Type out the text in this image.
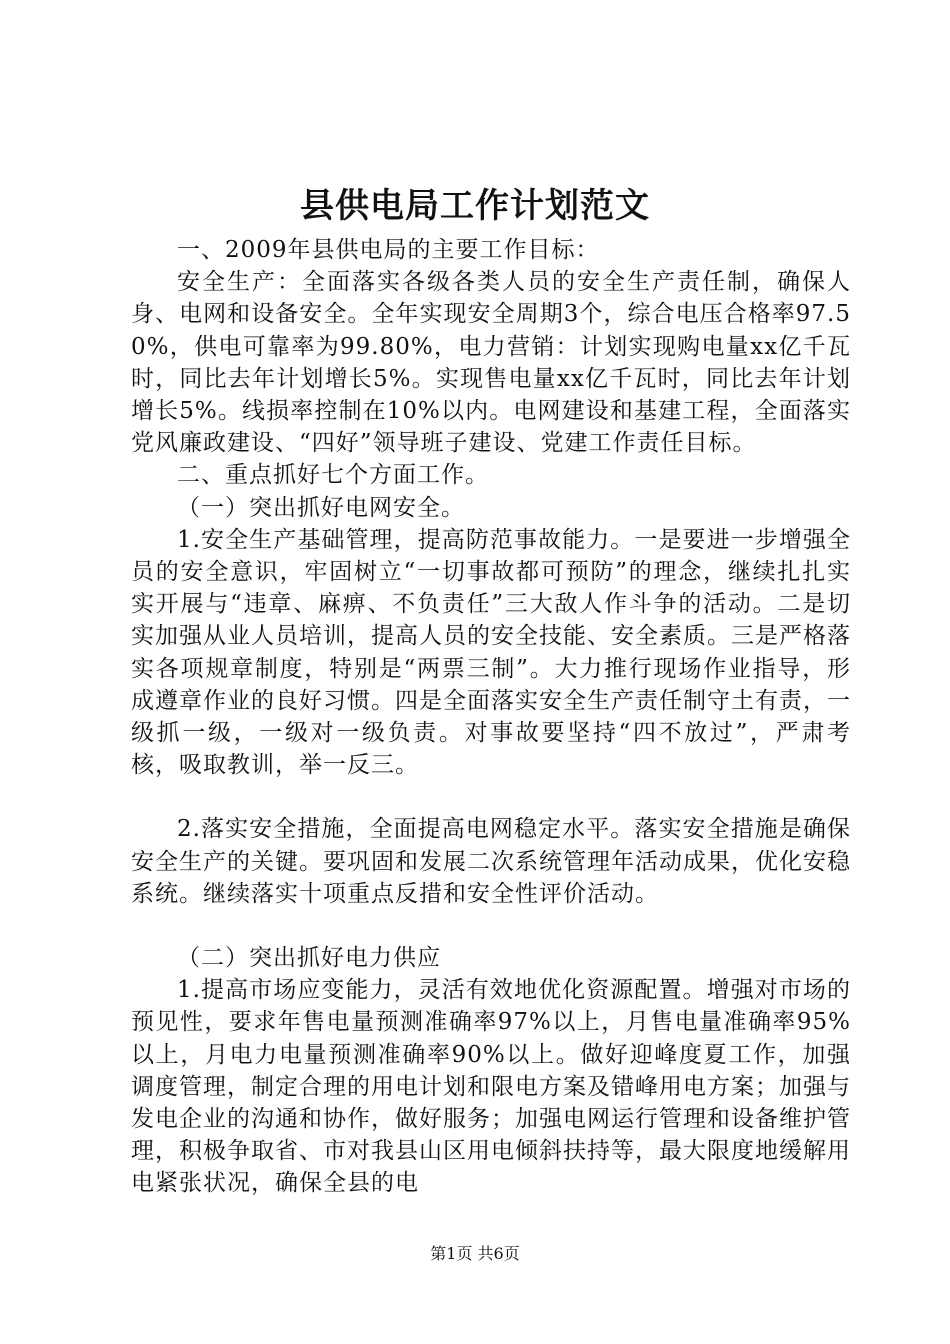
县供电局工作计划范文

一、2009年县供电局的主要工作目标：

安全生产：全面落实各级各类人员的安全生产责任制，确保人身、电网和设备安全。全年实现安全周期3个，综合电压合格率97.50%，供电可靠率为99.80%，电力营销：计划实现购电量xx亿千瓦时，同比去年计划增长5%。实现售电量xx亿千瓦时，同比去年计划增长5%。线损率控制在10%以内。电网建设和基建工程，全面落实党风廉政建设、“四好”领导班子建设、党建工作责任目标。

二、重点抓好七个方面工作。

（一）突出抓好电网安全。

1.安全生产基础管理，提高防范事故能力。一是要进一步增强全员的安全意识，牢固树立“一切事故都可预防”的理念，继续扎扎实实开展与“违章、麻痹、不负责任”三大敌人作斗争的活动。二是切实加强从业人员培训，提高人员的安全技能、安全素质。三是严格落实各项规章制度，特别是“两票三制”。大力推行现场作业指导，形成遵章作业的良好习惯。四是全面落实安全生产责任制守土有责，一级抓一级，一级对一级负责。对事故要坚持“四不放过”，严肃考核，吸取教训，举一反三。

2.落实安全措施，全面提高电网稳定水平。落实安全措施是确保安全生产的关键。要巩固和发展二次系统管理年活动成果，优化安稳系统。继续落实十项重点反措和安全性评价活动。

（二）突出抓好电力供应

1.提高市场应变能力，灵活有效地优化资源配置。增强对市场的预见性，要求年售电量预测准确率97%以上，月售电量准确率95%以上，月电力电量预测准确率90%以上。做好迎峰度夏工作，加强调度管理，制定合理的用电计划和限电方案及错峰用电方案；加强与发电企业的沟通和协作，做好服务；加强电网运行管理和设备维护管理，积极争取省、市对我县山区用电倾斜扶持等，最大限度地缓解用电紧张状况，确保全县的电

第1页 共6页
